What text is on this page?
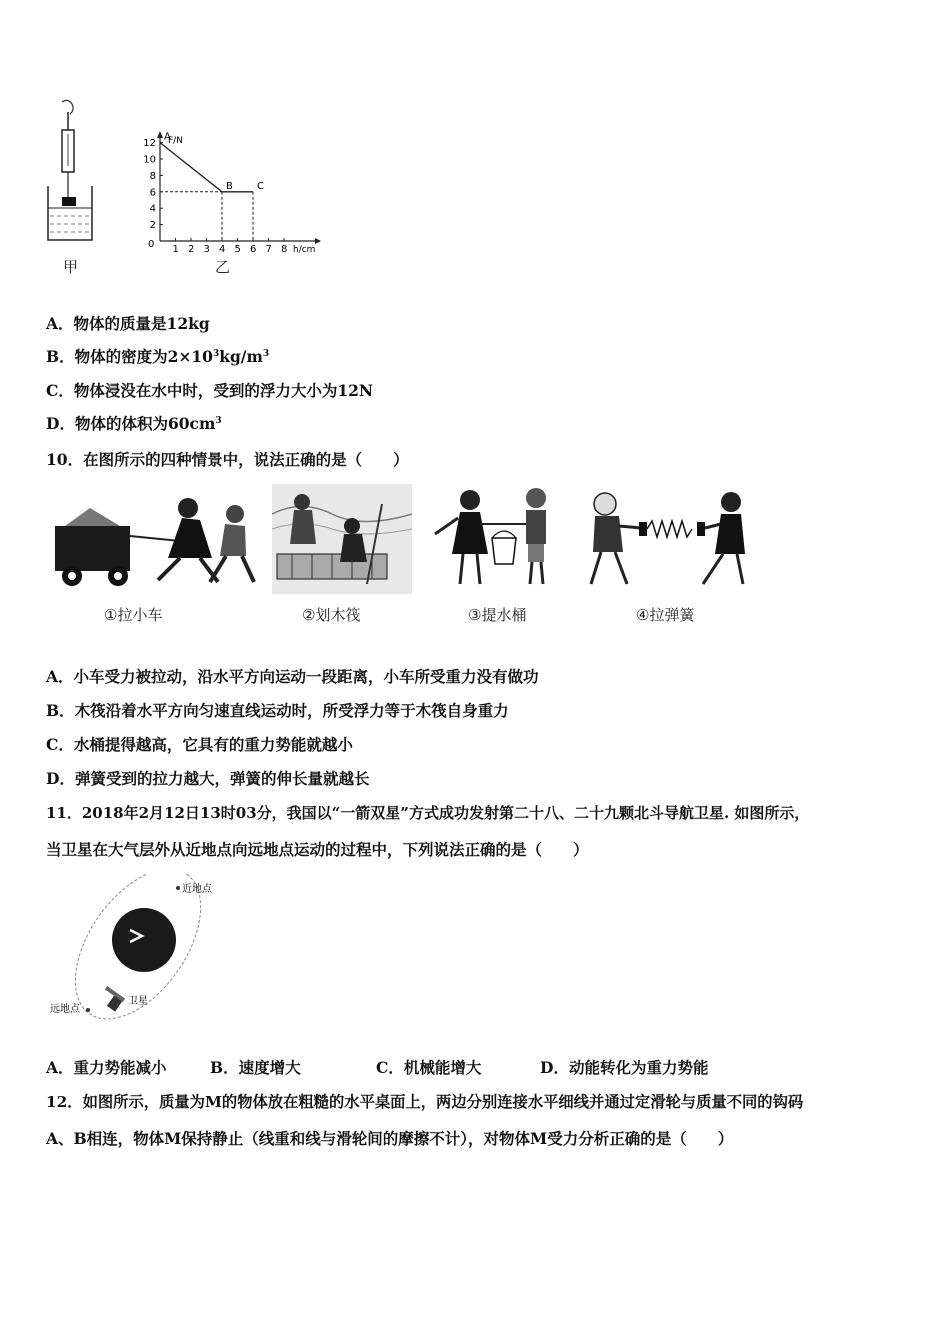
甲
F/N
h/cm
0 1 2 3 4 5 6 7 8
12
10
8
6
4
2
A
B C
乙
A．物体的质量是12kg
B．物体的密度为$2\times 10^3kg/m^3$
C．物体浸没在水中时，受到的浮力大小为12N
D．物体的体积为$60cm^3$
10．在图所示的四种情景中，说法正确的是（　　）
①拉小车	②划木筏	③提水桶	④拉弹簧
A．小车受力被拉动，沿水平方向运动一段距离，小车所受重力没有做功
B．木筏沿着水平方向匀速直线运动时，所受浮力等于木筏自身重力
C．水桶提得越高，它具有的重力势能就越小
D．弹簧受到的拉力越大，弹簧的伸长量就越长
11．2018年2月12日13时03分，我国以“一箭双星”方式成功发射第二十八、二十九颗北斗导航卫星. 如图所示，
当卫星在大气层外从近地点向远地点运动的过程中，下列说法正确的是（　　）
近地点
远地点
卫星
A．重力势能减小	B．速度增大	C．机械能增大	D．动能转化为重力势能
12．如图所示，质量为M的物体放在粗糙的水平桌面上，两边分别连接水平细线并通过定滑轮与质量不同的钩码
A、B相连，物体M保持静止（线重和线与滑轮间的摩擦不计），对物体M受力分析正确的是（　　）
